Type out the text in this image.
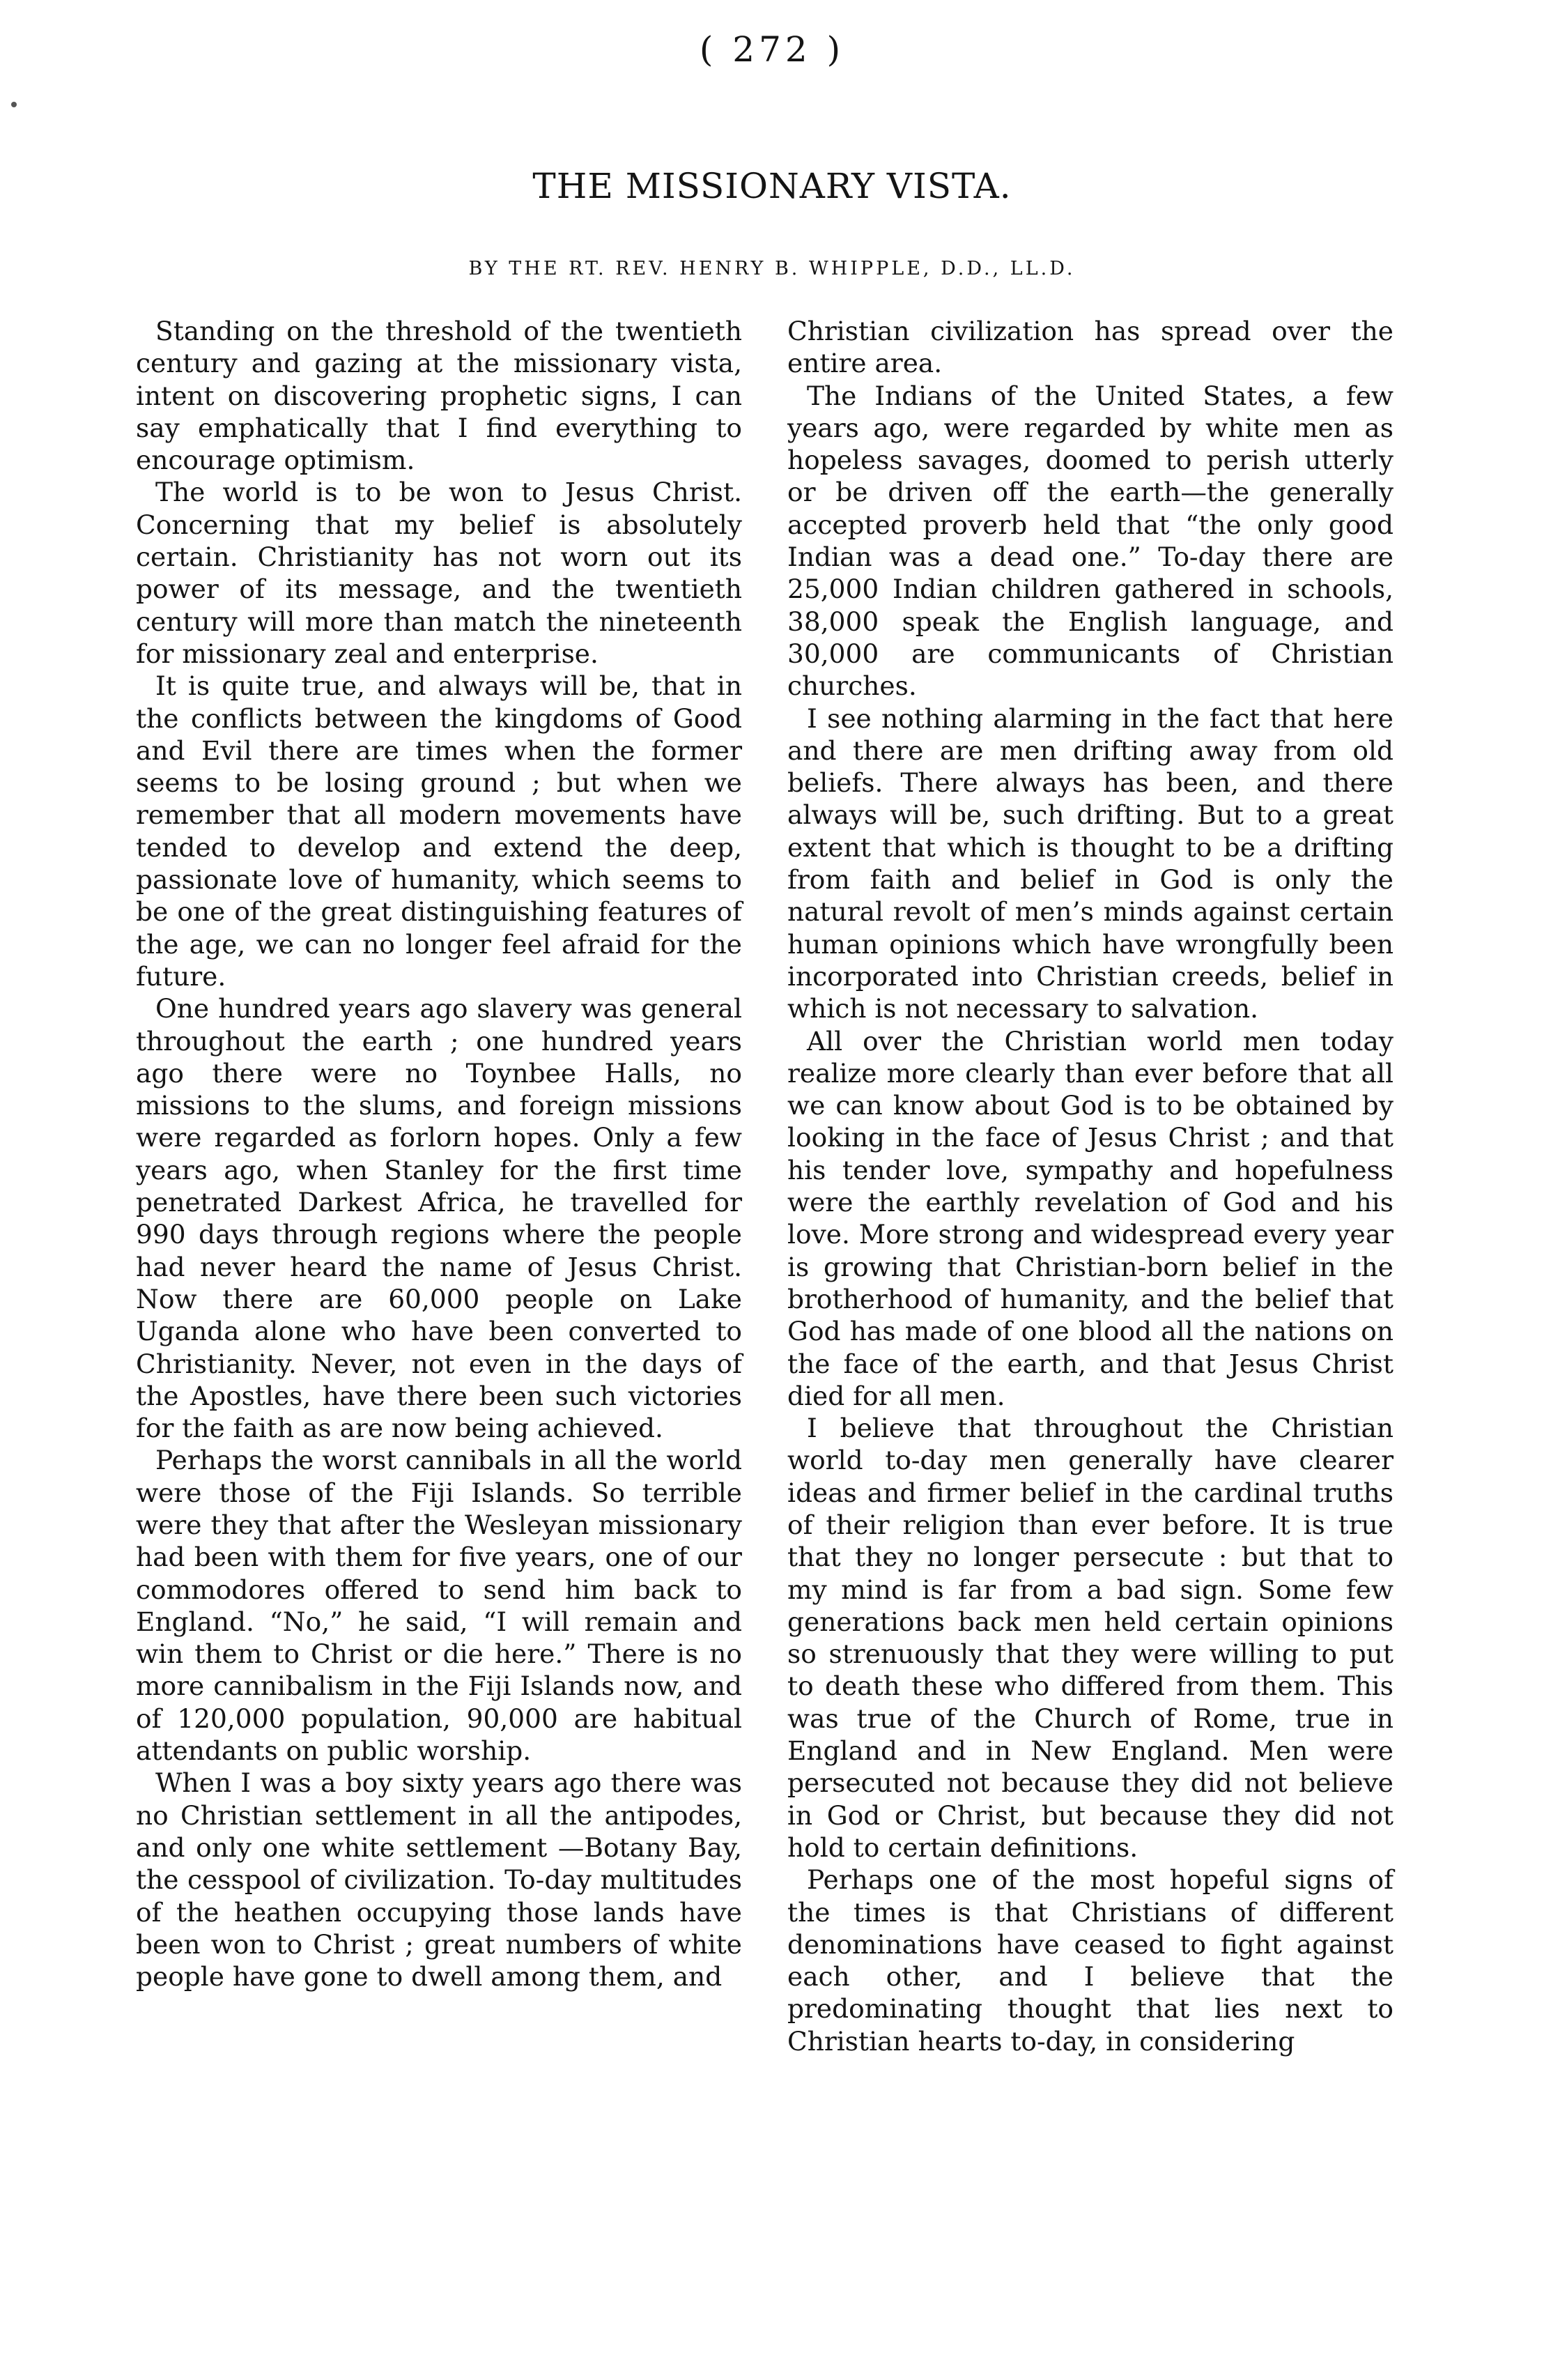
( 272 )
THE MISSIONARY VISTA.
BY THE RT. REV. HENRY B. WHIPPLE, D.D., LL.D.

Standing on the threshold of the twentieth century and gazing at the missionary vista, intent on discovering prophetic signs, I can say emphatically that I find everything to encourage optimism.

The world is to be won to Jesus Christ. Concerning that my belief is absolutely certain. Christianity has not worn out its power of its message, and the twentieth century will more than match the nineteenth for missionary zeal and enterprise.

It is quite true, and always will be, that in the conflicts between the kingdoms of Good and Evil there are times when the former seems to be losing ground ; but when we remember that all modern movements have tended to develop and extend the deep, passionate love of humanity, which seems to be one of the great distinguishing features of the age, we can no longer feel afraid for the future.

One hundred years ago slavery was general throughout the earth ; one hundred years ago there were no Toynbee Halls, no missions to the slums, and foreign missions were regarded as forlorn hopes. Only a few years ago, when Stanley for the first time penetrated Darkest Africa, he travelled for 990 days through regions where the people had never heard the name of Jesus Christ. Now there are 60,000 people on Lake Uganda alone who have been converted to Christianity. Never, not even in the days of the Apostles, have there been such victories for the faith as are now being achieved.

Perhaps the worst cannibals in all the world were those of the Fiji Islands. So terrible were they that after the Wesleyan missionary had been with them for five years, one of our commodores offered to send him back to England. “No,” he said, “I will remain and win them to Christ or die here.” There is no more cannibalism in the Fiji Islands now, and of 120,000 population, 90,000 are habitual attendants on public worship.

When I was a boy sixty years ago there was no Christian settlement in all the antipodes, and only one white settlement —Botany Bay, the cesspool of civilization. To-day multitudes of the heathen occupying those lands have been won to Christ ; great numbers of white people have gone to dwell among them, and

Christian civilization has spread over the entire area.

The Indians of the United States, a few years ago, were regarded by white men as hopeless savages, doomed to perish utterly or be driven off the earth—the generally accepted proverb held that “the only good Indian was a dead one.” To-day there are 25,000 Indian children gathered in schools, 38,000 speak the English language, and 30,000 are communicants of Christian churches.

I see nothing alarming in the fact that here and there are men drifting away from old beliefs. There always has been, and there always will be, such drifting. But to a great extent that which is thought to be a drifting from faith and belief in God is only the natural revolt of men’s minds against certain human opinions which have wrongfully been incorporated into Christian creeds, belief in which is not necessary to salvation.

All over the Christian world men today realize more clearly than ever before that all we can know about God is to be obtained by looking in the face of Jesus Christ ; and that his tender love, sympathy and hopefulness were the earthly revelation of God and his love. More strong and widespread every year is growing that Christian-born belief in the brotherhood of humanity, and the belief that God has made of one blood all the nations on the face of the earth, and that Jesus Christ died for all men.

I believe that throughout the Christian world to-day men generally have clearer ideas and firmer belief in the cardinal truths of their religion than ever before. It is true that they no longer persecute : but that to my mind is far from a bad sign. Some few generations back men held certain opinions so strenuously that they were willing to put to death these who differed from them. This was true of the Church of Rome, true in England and in New England. Men were persecuted not because they did not believe in God or Christ, but because they did not hold to certain definitions.

Perhaps one of the most hopeful signs of the times is that Christians of different denominations have ceased to fight against each other, and I believe that the predominating thought that lies next to Christian hearts to-day, in considering
